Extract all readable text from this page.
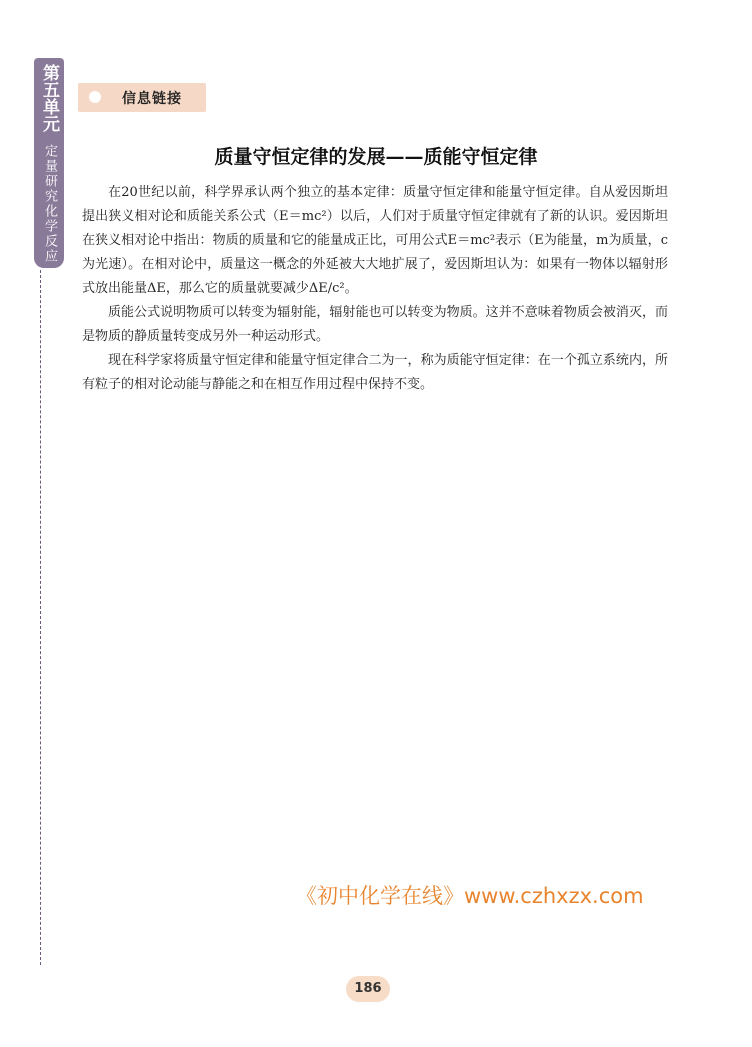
第五单元
定量研究化学反应
信息链接
质量守恒定律的发展——质能守恒定律

在20世纪以前，科学界承认两个独立的基本定律：质量守恒定律和能量守恒定律。自从爱因斯坦提出狭义相对论和质能关系公式（E＝mc²）以后，人们对于质量守恒定律就有了新的认识。爱因斯坦在狭义相对论中指出：物质的质量和它的能量成正比，可用公式E＝mc²表示（E为能量，m为质量，c为光速）。在相对论中，质量这一概念的外延被大大地扩展了，爱因斯坦认为：如果有一物体以辐射形式放出能量ΔE，那么它的质量就要减少ΔE/c²。

质能公式说明物质可以转变为辐射能，辐射能也可以转变为物质。这并不意味着物质会被消灭，而是物质的静质量转变成另外一种运动形式。

现在科学家将质量守恒定律和能量守恒定律合二为一，称为质能守恒定律：在一个孤立系统内，所有粒子的相对论动能与静能之和在相互作用过程中保持不变。

《初中化学在线》www.czhxzx.com
186
